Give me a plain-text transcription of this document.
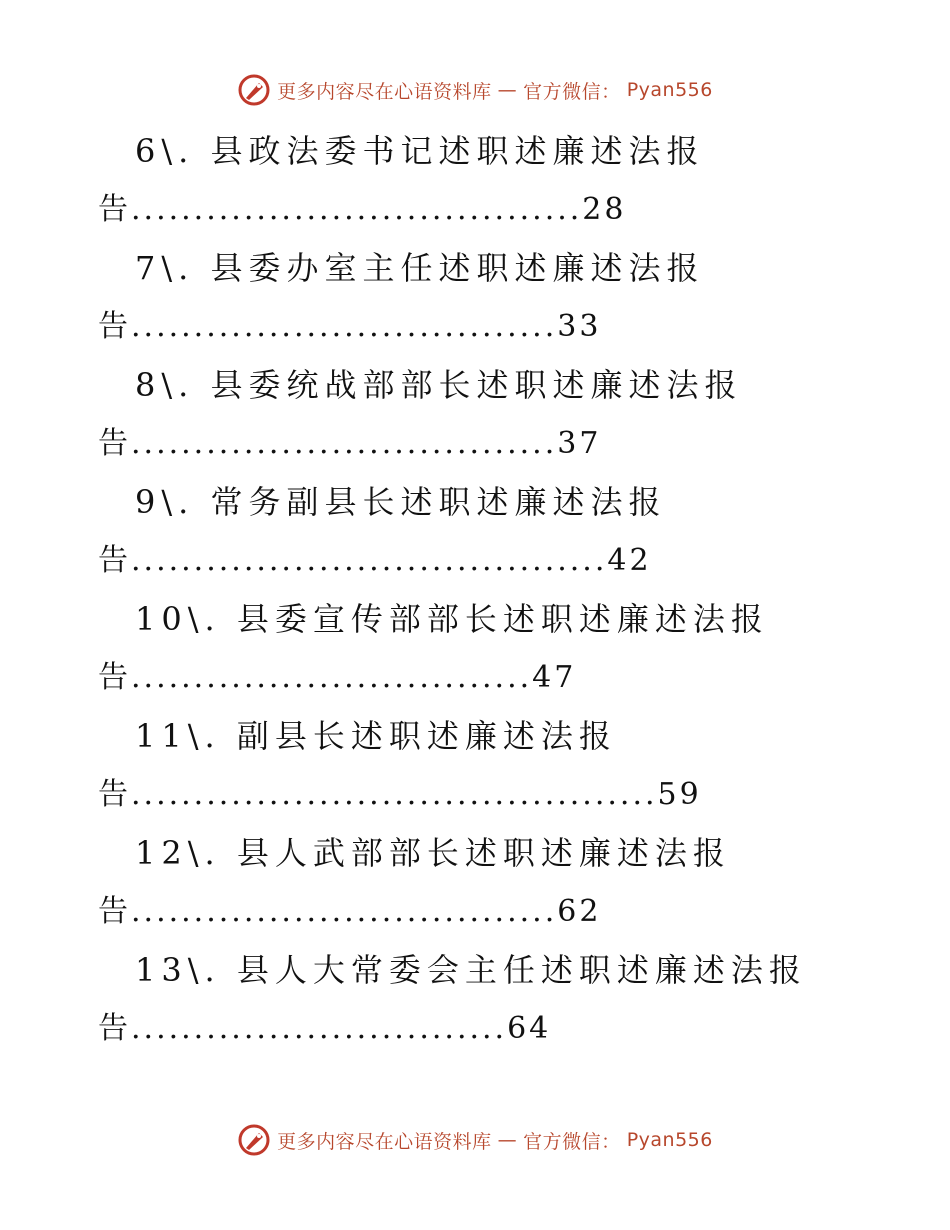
更多内容尽在心语资料库 — 官方微信： Pyan556
6\. 县政法委书记述职述廉述法报
告....................................28
7\. 县委办室主任述职述廉述法报
告..................................33
8\. 县委统战部部长述职述廉述法报
告..................................37
9\. 常务副县长述职述廉述法报
告......................................42
10\. 县委宣传部部长述职述廉述法报
告................................47
11\. 副县长述职述廉述法报
告..........................................59
12\. 县人武部部长述职述廉述法报
告..................................62
13\. 县人大常委会主任述职述廉述法报
告..............................64
更多内容尽在心语资料库 — 官方微信： Pyan556
